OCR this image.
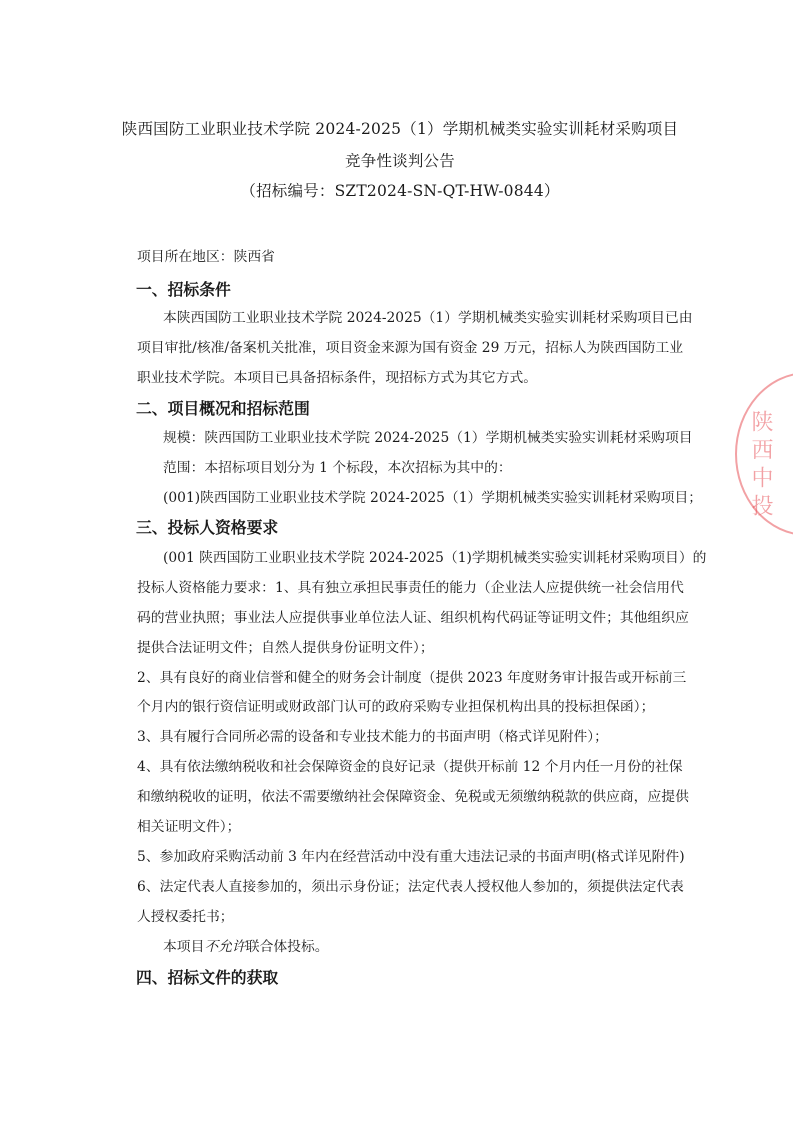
陕西国防工业职业技术学院 2024-2025（1）学期机械类实验实训耗材采购项目
竞争性谈判公告
（招标编号：SZT2024-SN-QT-HW-0844）
项目所在地区：陕西省
一、招标条件
本陕西国防工业职业技术学院 2024-2025（1）学期机械类实验实训耗材采购项目已由
项目审批/核准/备案机关批准，项目资金来源为国有资金 29 万元，招标人为陕西国防工业
职业技术学院。本项目已具备招标条件，现招标方式为其它方式。
二、项目概况和招标范围
规模：陕西国防工业职业技术学院 2024-2025（1）学期机械类实验实训耗材采购项目
范围：本招标项目划分为 1 个标段，本次招标为其中的：
(001)陕西国防工业职业技术学院 2024-2025（1）学期机械类实验实训耗材采购项目；
三、投标人资格要求
(001 陕西国防工业职业技术学院 2024-2025（1)学期机械类实验实训耗材采购项目）的
投标人资格能力要求：1、具有独立承担民事责任的能力（企业法人应提供统一社会信用代
码的营业执照；事业法人应提供事业单位法人证、组织机构代码证等证明文件；其他组织应
提供合法证明文件；自然人提供身份证明文件）；
2、具有良好的商业信誉和健全的财务会计制度（提供 2023 年度财务审计报告或开标前三
个月内的银行资信证明或财政部门认可的政府采购专业担保机构出具的投标担保函）；
3、具有履行合同所必需的设备和专业技术能力的书面声明（格式详见附件）；
4、具有依法缴纳税收和社会保障资金的良好记录（提供开标前 12 个月内任一月份的社保
和缴纳税收的证明，依法不需要缴纳社会保障资金、免税或无须缴纳税款的供应商，应提供
相关证明文件）；
5、参加政府采购活动前 3 年内在经营活动中没有重大违法记录的书面声明(格式详见附件)
6、法定代表人直接参加的，须出示身份证；法定代表人授权他人参加的，须提供法定代表
人授权委托书；
本项目不允许联合体投标。
四、招标文件的获取
陕西中投
